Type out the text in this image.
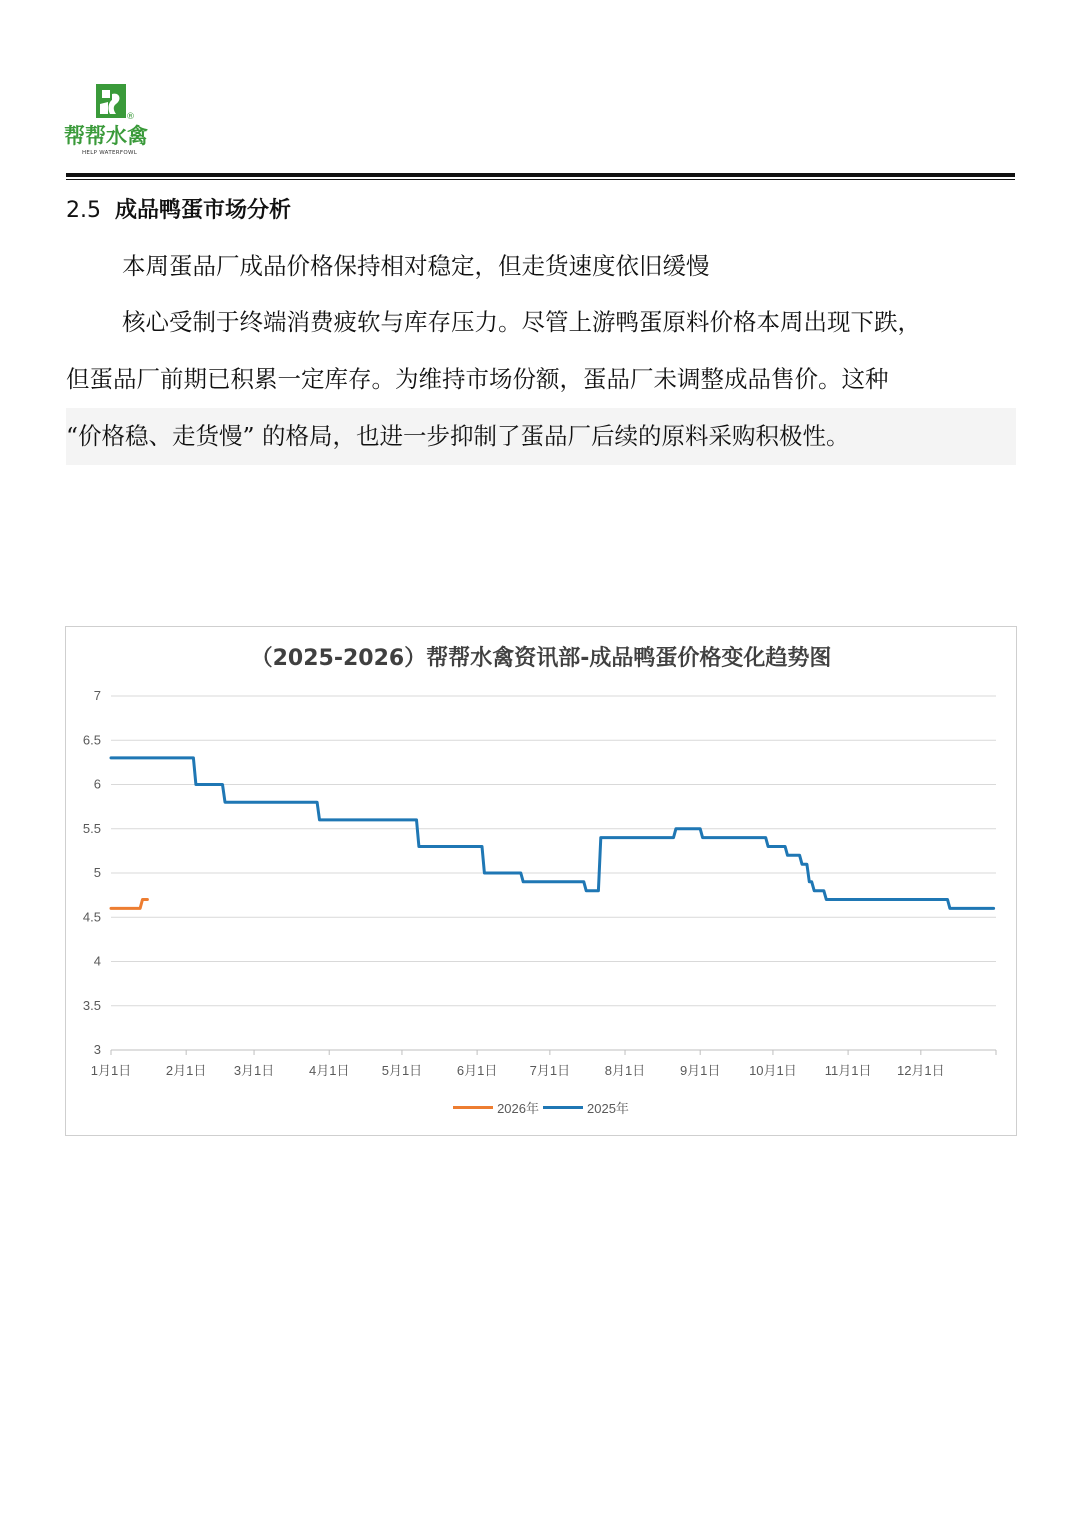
®
帮帮水禽
HELP WATERFOWL
2.5 成品鸭蛋市场分析
本周蛋品厂成品价格保持相对稳定，但走货速度依旧缓慢
核心受制于终端消费疲软与库存压力。尽管上游鸭蛋原料价格本周出现下跌，
但蛋品厂前期已积累一定库存。为维持市场份额，蛋品厂未调整成品售价。这种
“价格稳、走货慢” 的格局，也进一步抑制了蛋品厂后续的原料采购积极性。
（2025-2026）帮帮水禽资讯部-成品鸭蛋价格变化趋势图
3
3.5
4
4.5
5
5.5
6
6.5
7
1月1日	2月1日 3月1日	4月1日 5月1日	6月1日 7月1日	8月1日	9月1日 10月1日 11月1日 12月1日
2026年	2025年
